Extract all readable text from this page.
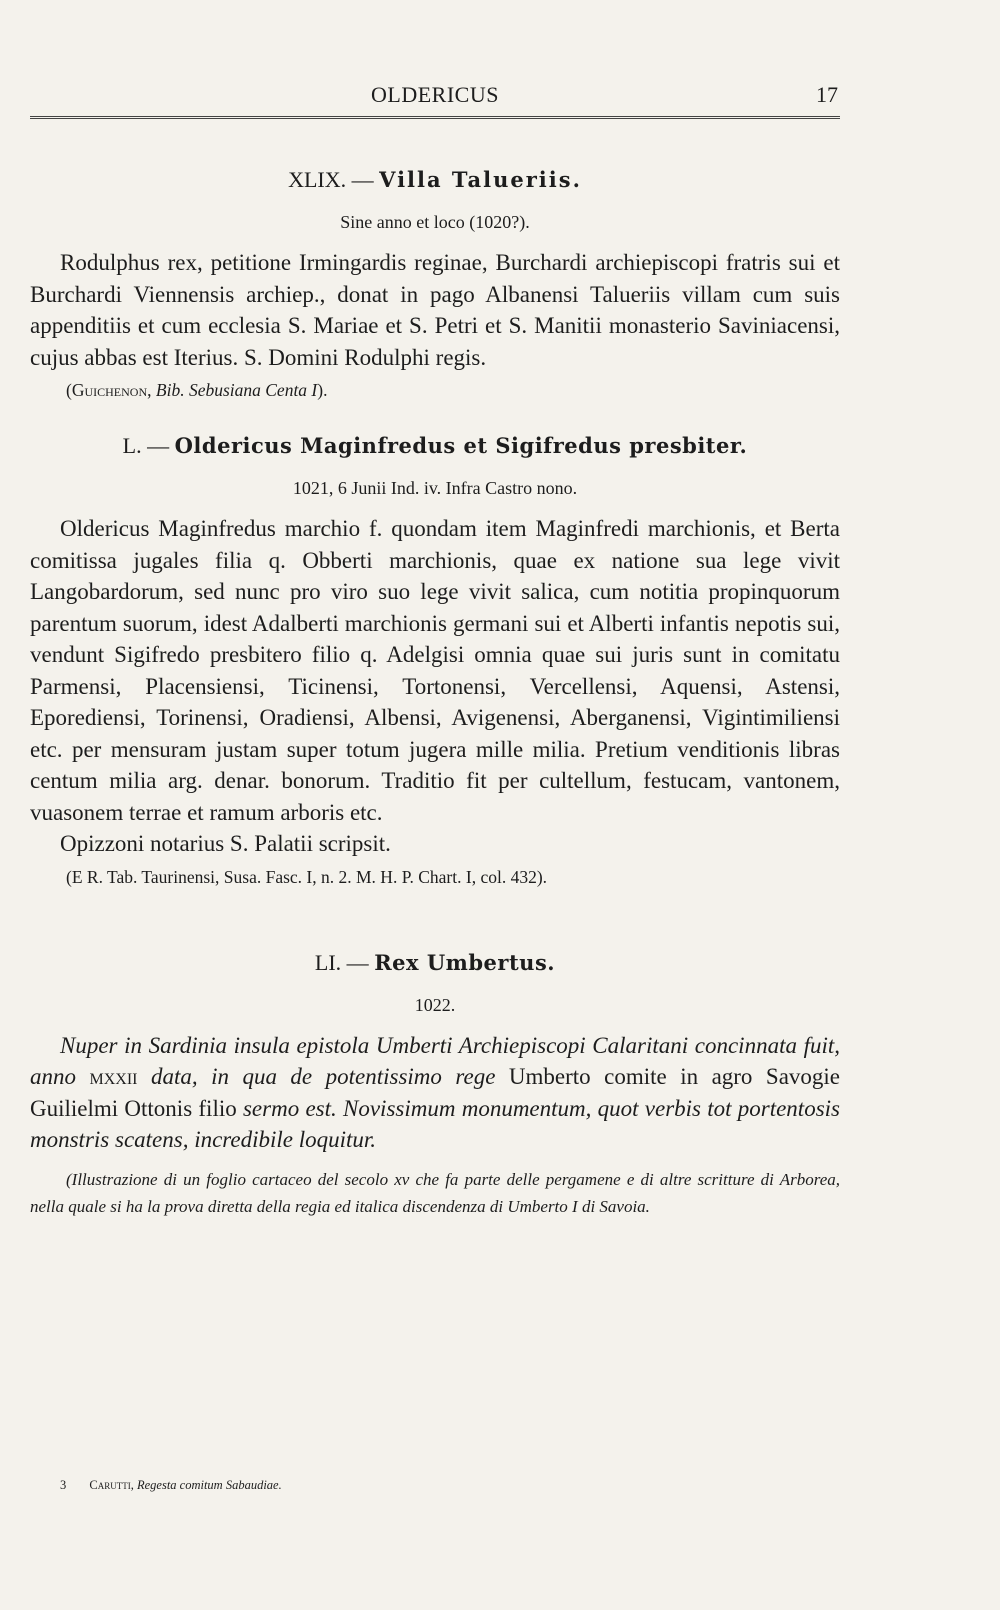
OLDERICUS	17
XLIX. — Villa Talueriis.
Sine anno et loco (1020?).

Rodulphus rex, petitione Irmingardis reginae, Burchardi archiepiscopi fratris sui et Burchardi Viennensis archiep., donat in pago Albanensi Talueriis villam cum suis appenditiis et cum ecclesia S. Mariae et S. Petri et S. Manitii monasterio Saviniacensi, cujus abbas est Iterius. S. Domini Rodulphi regis.

(Guichenon, Bib. Sebusiana Centa I).
L. — Oldericus Maginfredus et Sigifredus presbiter.
1021, 6 Junii Ind. iv. Infra Castro nono.

Oldericus Maginfredus marchio f. quondam item Maginfredi marchionis, et Berta comitissa jugales filia q. Obberti marchionis, quae ex natione sua lege vivit Langobardorum, sed nunc pro viro suo lege vivit salica, cum notitia propinquorum parentum suorum, idest Adalberti marchionis germani sui et Alberti infantis nepotis sui, vendunt Sigifredo presbitero filio q. Adelgisi omnia quae sui juris sunt in comitatu Parmensi, Placensiensi, Ticinensi, Tortonensi, Vercellensi, Aquensi, Astensi, Eporediensi, Torinensi, Oradiensi, Albensi, Avigenensi, Aberganensi, Vigintimiliensi etc. per mensuram justam super totum jugera mille milia. Pretium venditionis libras centum milia arg. denar. bonorum. Traditio fit per cultellum, festucam, vantonem, vuasonem terrae et ramum arboris etc.

Opizzoni notarius S. Palatii scripsit.

(E R. Tab. Taurinensi, Susa. Fasc. I, n. 2. M. H. P. Chart. I, col. 432).
LI. — Rex Umbertus.
1022.

Nuper in Sardinia insula epistola Umberti Archiepiscopi Calaritani concinnata fuit, anno mxxii data, in qua de potentissimo rege Umberto comite in agro Savogie Guilielmi Ottonis filio sermo est. Novissimum monumentum, quot verbis tot portentosis monstris scatens, incredibile loquitur.

(Illustrazione di un foglio cartaceo del secolo xv che fa parte delle pergamene e di altre scritture di Arborea, nella quale si ha la prova diretta della regia ed italica discendenza di Umberto I di Savoia.

3 Carutti, Regesta comitum Sabaudiae.
